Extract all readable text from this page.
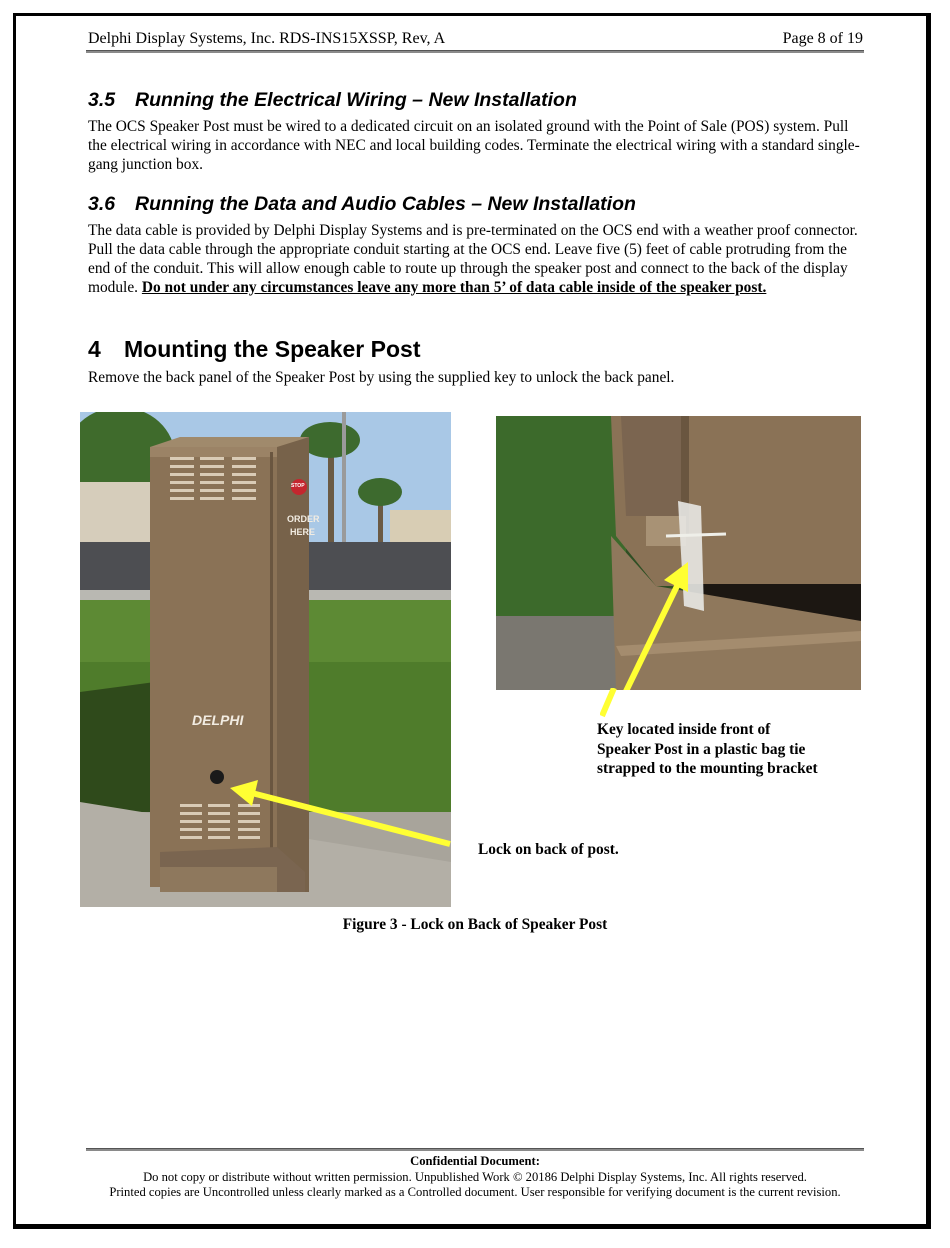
Delphi Display Systems, Inc. RDS-INS15XSSP, Rev, A	Page 8 of 19
3.5 Running the Electrical Wiring – New Installation

The OCS Speaker Post must be wired to a dedicated circuit on an isolated ground with the Point of Sale (POS) system. Pull the electrical wiring in accordance with NEC and local building codes. Terminate the electrical wiring with a standard single-gang junction box.

3.6 Running the Data and Audio Cables – New Installation

The data cable is provided by Delphi Display Systems and is pre-terminated on the OCS end with a weather proof connector. Pull the data cable through the appropriate conduit starting at the OCS end. Leave five (5) feet of cable protruding from the end of the conduit. This will allow enough cable to route up through the speaker post and connect to the back of the display module. Do not under any circumstances leave any more than 5’ of data cable inside of the speaker post.

4 Mounting the Speaker Post

Remove the back panel of the Speaker Post by using the supplied key to unlock the back panel.

DELPHI
STOP
ORDER
HERE
Key located inside front of Speaker Post in a plastic bag tie strapped to the mounting bracket
Lock on back of post.
Figure 3 - Lock on Back of Speaker Post
Confidential Document:
Do not copy or distribute without written permission. Unpublished Work © 20186 Delphi Display Systems, Inc. All rights reserved.
Printed copies are Uncontrolled unless clearly marked as a Controlled document. User responsible for verifying document is the current revision.
